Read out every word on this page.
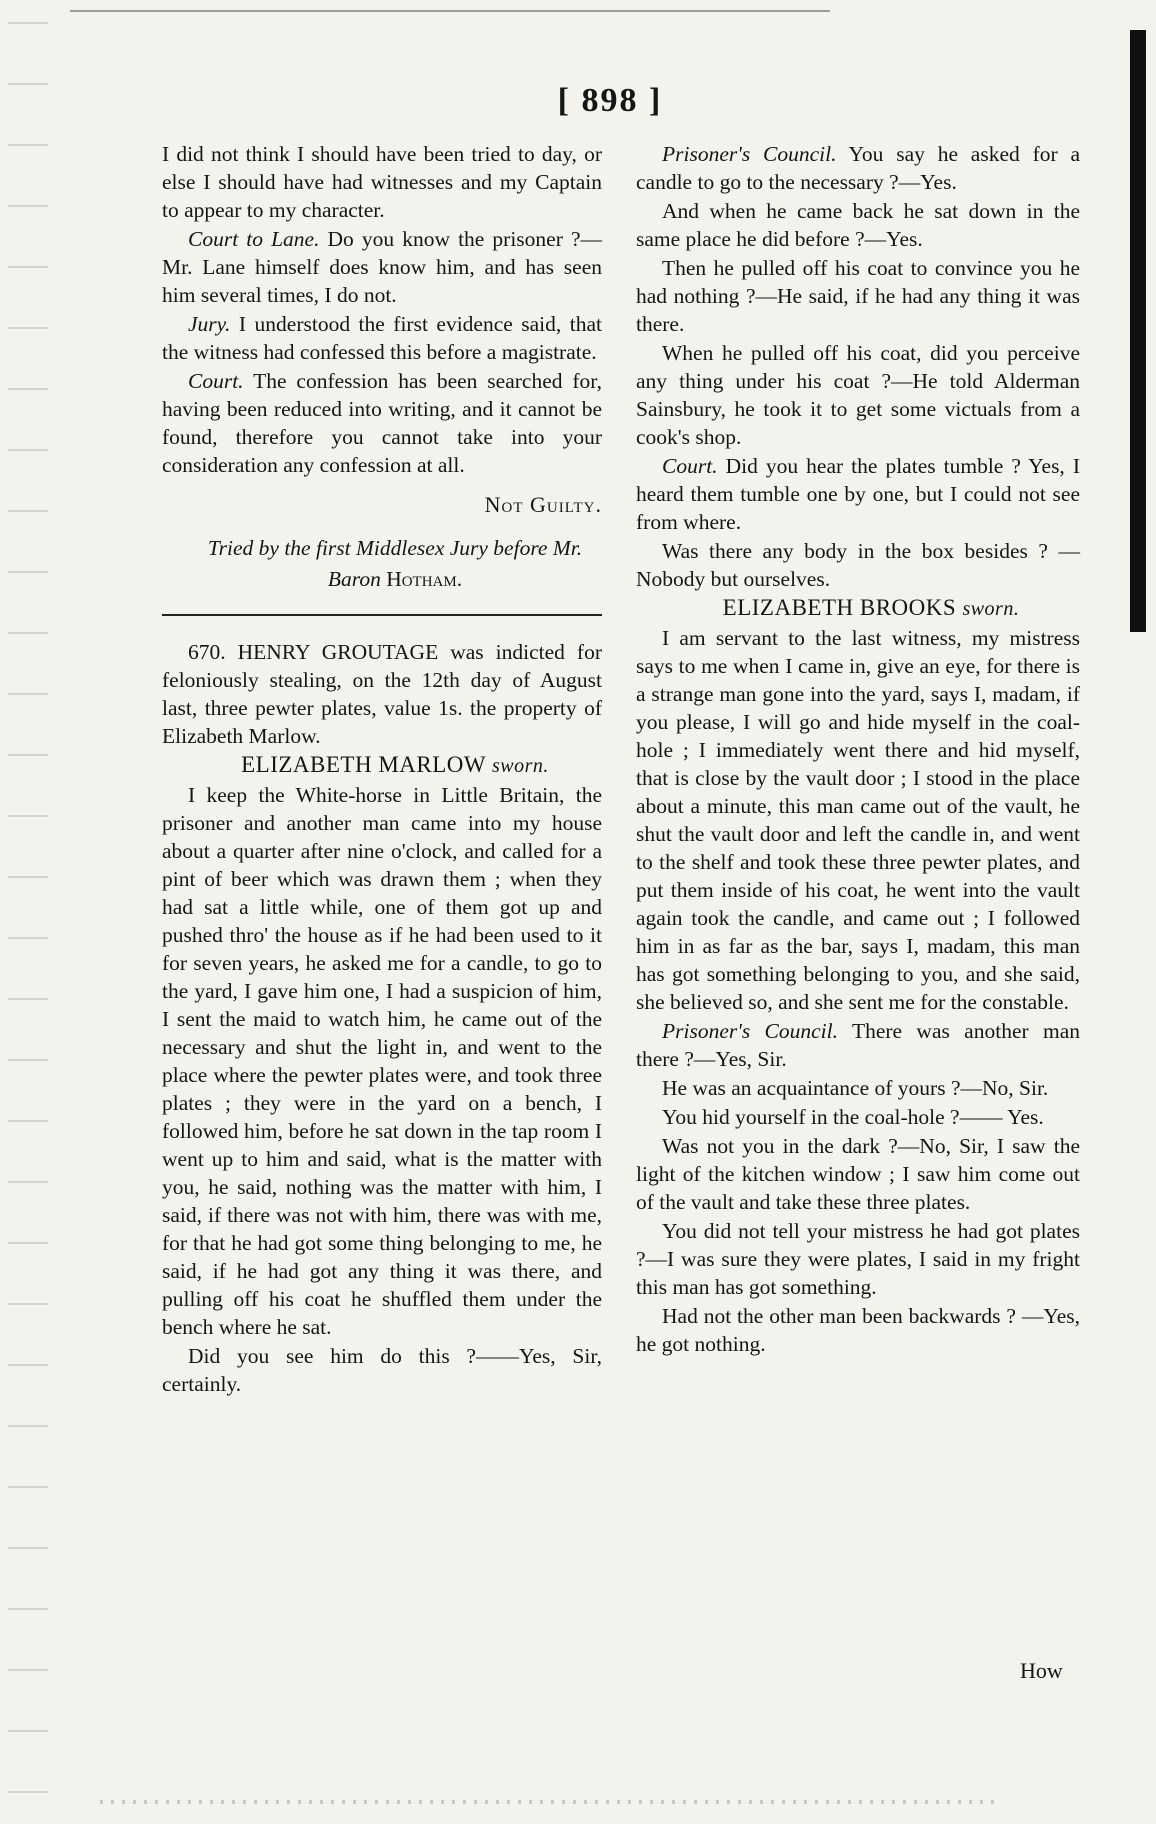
[ 898 ]

I did not think I should have been tried to day, or else I should have had witnesses and my Captain to appear to my character.

Court to Lane. Do you know the prisoner ?—Mr. Lane himself does know him, and has seen him several times, I do not.

Jury. I understood the first evidence said, that the witness had confessed this before a magistrate.

Court. The confession has been searched for, having been reduced into writing, and it cannot be found, therefore you cannot take into your consideration any confession at all.

Not Guilty.

Tried by the first Middlesex Jury before Mr.

Baron Hotham.

670. HENRY GROUTAGE was indicted for feloniously stealing, on the 12th day of August last, three pewter plates, value 1s. the property of Elizabeth Marlow.

ELIZABETH MARLOW sworn.

I keep the White-horse in Little Britain, the prisoner and another man came into my house about a quarter after nine o'clock, and called for a pint of beer which was drawn them ; when they had sat a little while, one of them got up and pushed thro' the house as if he had been used to it for seven years, he asked me for a candle, to go to the yard, I gave him one, I had a suspicion of him, I sent the maid to watch him, he came out of the necessary and shut the light in, and went to the place where the pewter plates were, and took three plates ; they were in the yard on a bench, I followed him, before he sat down in the tap room I went up to him and said, what is the matter with you, he said, nothing was the matter with him, I said, if there was not with him, there was with me, for that he had got some thing belonging to me, he said, if he had got any thing it was there, and pulling off his coat he shuffled them under the bench where he sat.

Did you see him do this ?——Yes, Sir, certainly.

Prisoner's Council. You say he asked for a candle to go to the necessary ?—Yes.

And when he came back he sat down in the same place he did before ?—Yes.

Then he pulled off his coat to convince you he had nothing ?—He said, if he had any thing it was there.

When he pulled off his coat, did you perceive any thing under his coat ?—He told Alderman Sainsbury, he took it to get some victuals from a cook's shop.

Court. Did you hear the plates tumble ? Yes, I heard them tumble one by one, but I could not see from where.

Was there any body in the box besides ? —Nobody but ourselves.

ELIZABETH BROOKS sworn.

I am servant to the last witness, my mistress says to me when I came in, give an eye, for there is a strange man gone into the yard, says I, madam, if you please, I will go and hide myself in the coal-hole ; I immediately went there and hid myself, that is close by the vault door ; I stood in the place about a minute, this man came out of the vault, he shut the vault door and left the candle in, and went to the shelf and took these three pewter plates, and put them inside of his coat, he went into the vault again took the candle, and came out ; I followed him in as far as the bar, says I, madam, this man has got something belonging to you, and she said, she believed so, and she sent me for the constable.

Prisoner's Council. There was another man there ?—Yes, Sir.

He was an acquaintance of yours ?—No, Sir.

You hid yourself in the coal-hole ?—— Yes.

Was not you in the dark ?—No, Sir, I saw the light of the kitchen window ; I saw him come out of the vault and take these three plates.

You did not tell your mistress he had got plates ?—I was sure they were plates, I said in my fright this man has got something.

Had not the other man been backwards ? —Yes, he got nothing.

How
